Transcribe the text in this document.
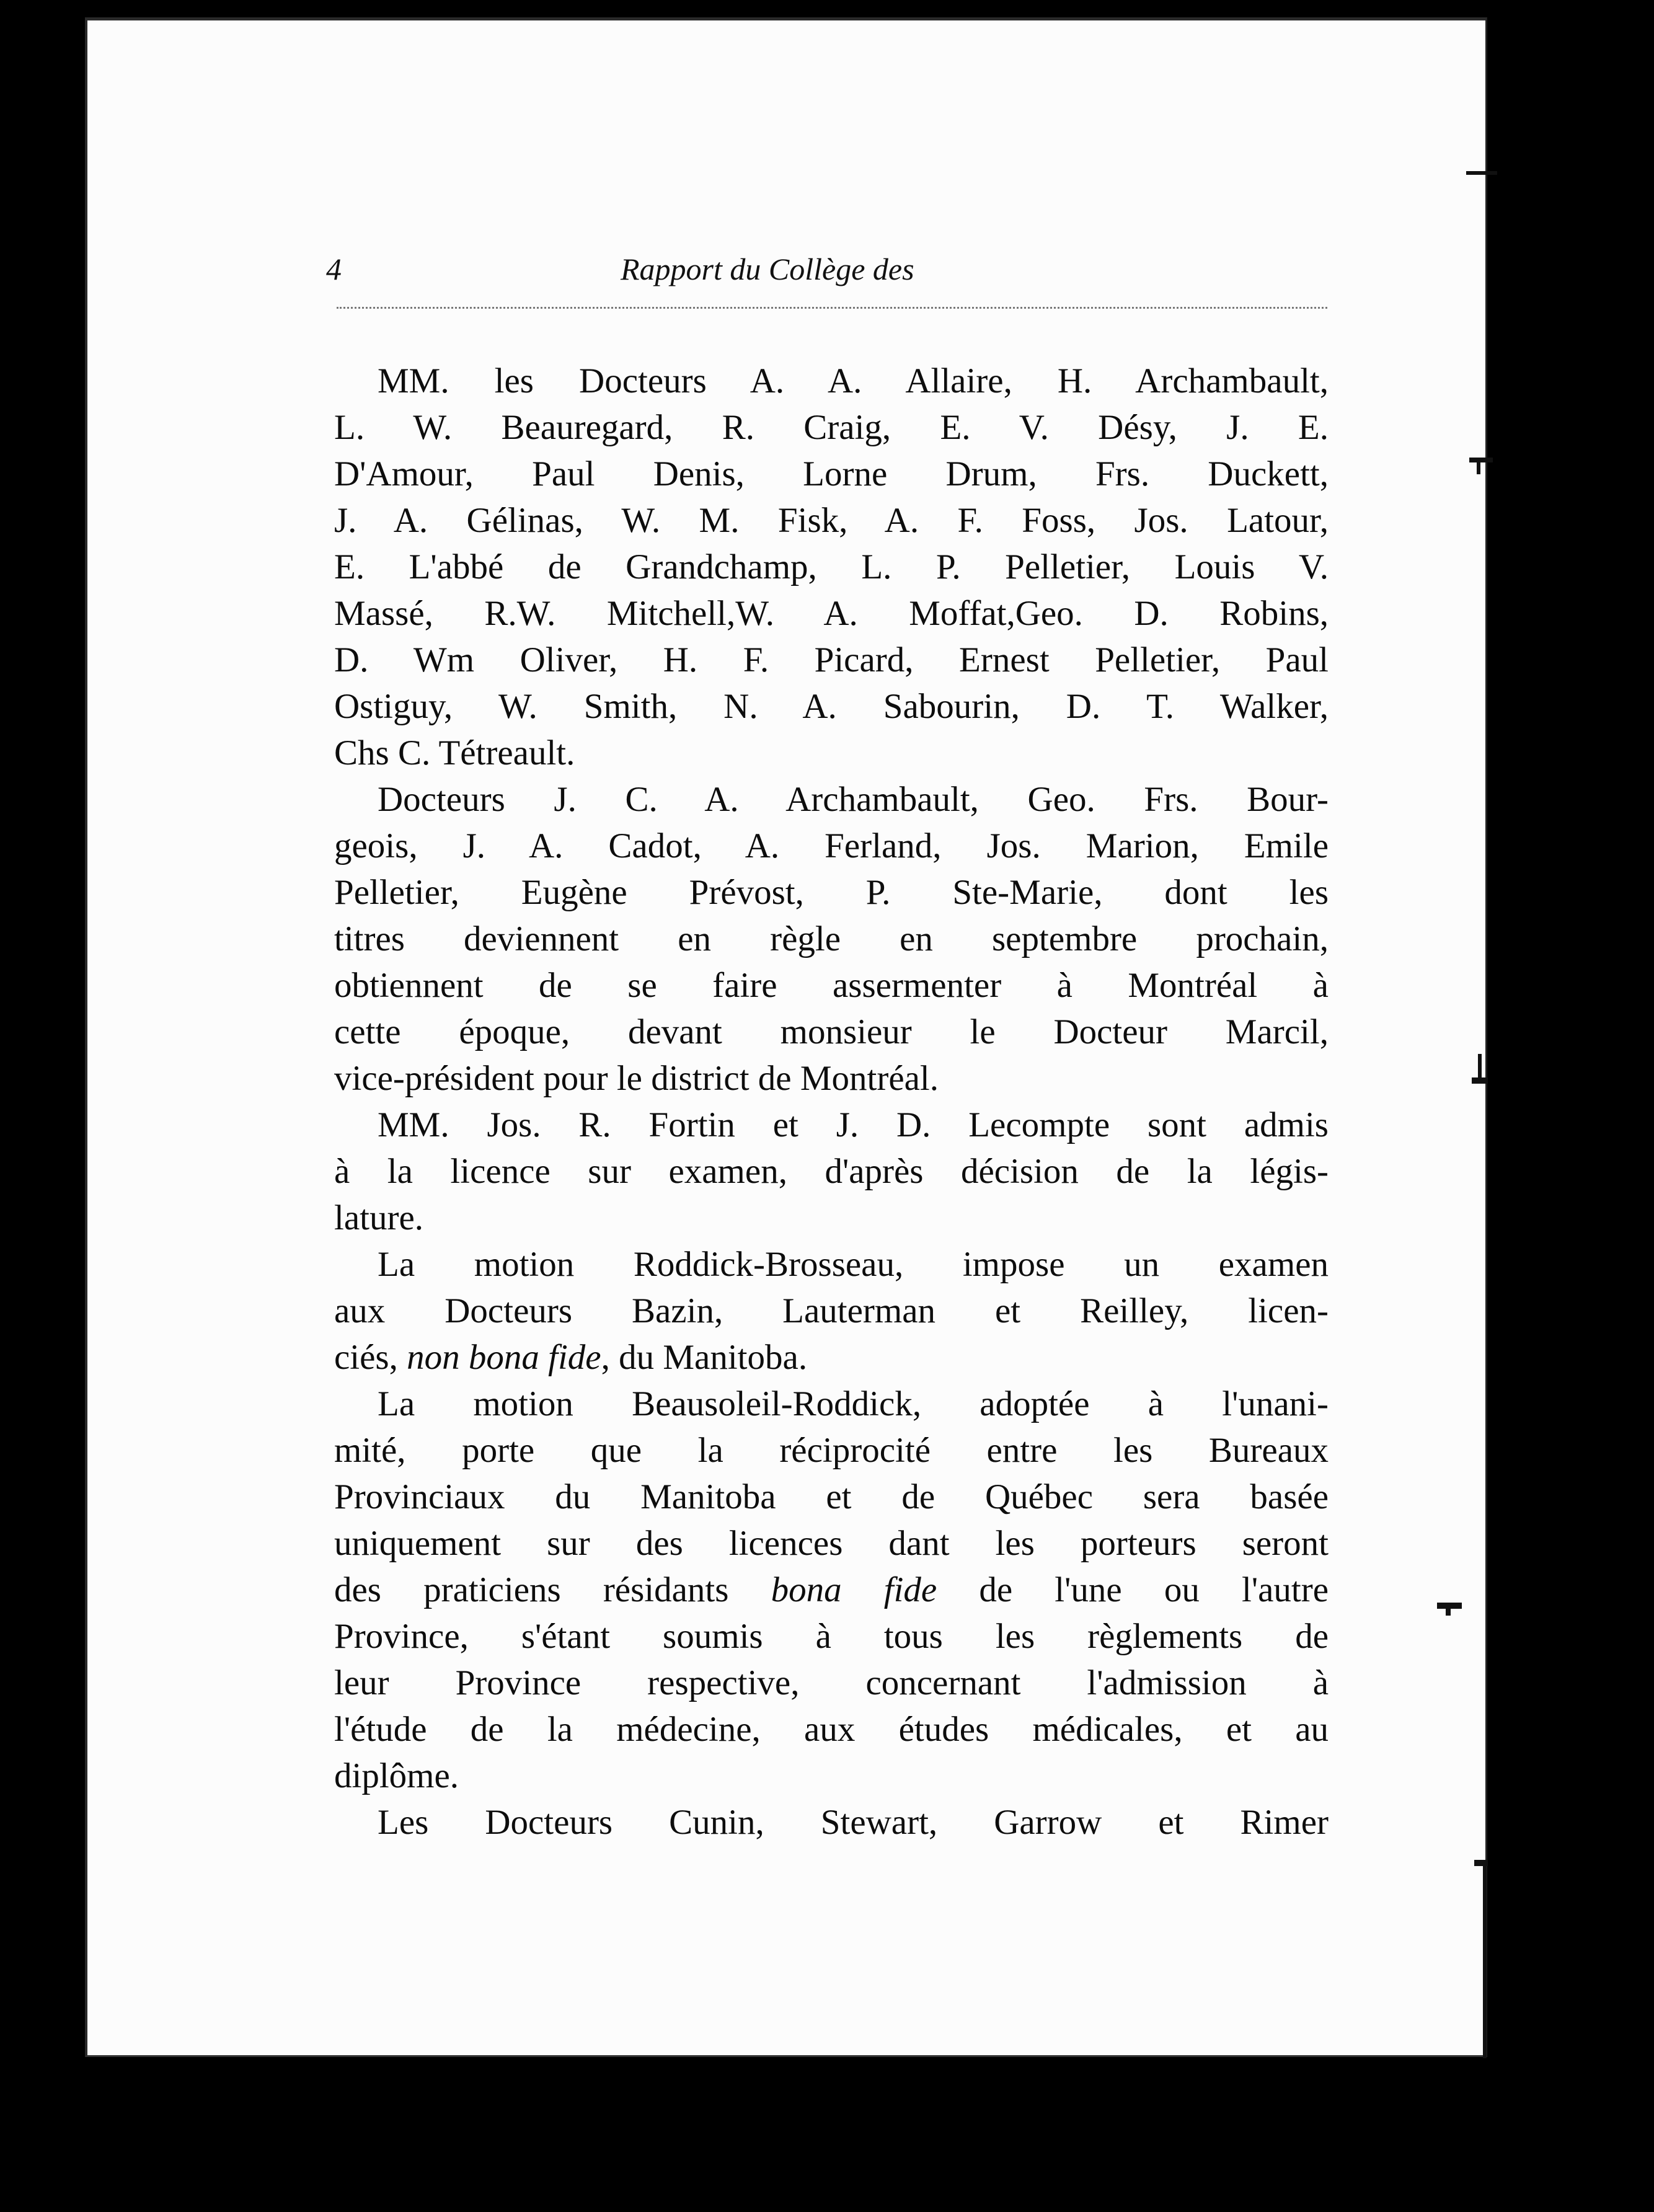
4	Rapport du Collège des
MM. les Docteurs A. A. Allaire, H. Archambault,
L. W. Beauregard, R. Craig, E. V. Désy, J. E.
D'Amour, Paul Denis, Lorne Drum, Frs. Duckett,
J. A. Gélinas, W. M. Fisk, A. F. Foss, Jos. Latour,
E. L'abbé de Grandchamp, L. P. Pelletier, Louis V.
Massé, R.W. Mitchell,W. A. Moffat,Geo. D. Robins,
D. Wm Oliver, H. F. Picard, Ernest Pelletier, Paul
Ostiguy, W. Smith, N. A. Sabourin, D. T. Walker,
Chs C. Tétreault.
Docteurs J. C. A. Archambault, Geo. Frs. Bour-
geois, J. A. Cadot, A. Ferland, Jos. Marion, Emile
Pelletier, Eugène Prévost, P. Ste-Marie, dont les
titres deviennent en règle en septembre prochain,
obtiennent de se faire assermenter à Montréal à
cette époque, devant monsieur le Docteur Marcil,
vice-président pour le district de Montréal.
MM. Jos. R. Fortin et J. D. Lecompte sont admis
à la licence sur examen, d'après décision de la légis-
lature.
La motion Roddick-Brosseau, impose un examen
aux Docteurs Bazin, Lauterman et Reilley, licen-
ciés, non bona fide, du Manitoba.
La motion Beausoleil-Roddick, adoptée à l'unani-
mité, porte que la réciprocité entre les Bureaux
Provinciaux du Manitoba et de Québec sera basée
uniquement sur des licences dant les porteurs seront
des praticiens résidants bona fide de l'une ou l'autre
Province, s'étant soumis à tous les règlements de
leur Province respective, concernant l'admission à
l'étude de la médecine, aux études médicales, et au
diplôme.
Les Docteurs Cunin, Stewart, Garrow et Rimer
